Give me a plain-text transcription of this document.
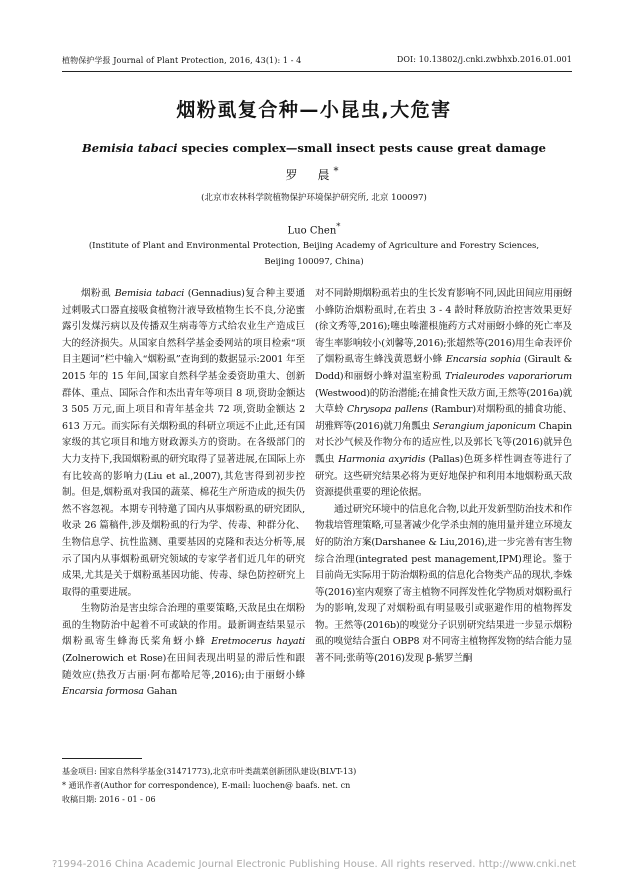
植物保护学报 Journal of Plant Protection, 2016, 43(1): 1 - 4	DOI: 10.13802/j.cnki.zwbhxb.2016.01.001
烟粉虱复合种—小昆虫,大危害
Bemisia tabaci species complex—small insect pests cause great damage
罗　晨*
(北京市农林科学院植物保护环境保护研究所, 北京 100097)
Luo Chen*
(Institute of Plant and Environmental Protection, Beijing Academy of Agriculture and Forestry Sciences,
Beijing 100097, China)

烟粉虱 Bemisia tabaci (Gennadius)复合种主要通过刺吸式口器直接吸食植物汁液导致植物生长不良,分泌蜜露引发煤污病以及传播双生病毒等方式给农业生产造成巨大的经济损失。从国家自然科学基金委网站的项目检索“项目主题词”栏中输入“烟粉虱”查询到的数据显示:2001 年至 2015 年的 15 年间,国家自然科学基金委资助重大、创新群体、重点、国际合作和杰出青年等项目 8 项,资助金额达 3 505 万元,面上项目和青年基金共 72 项,资助金额达 2 613 万元。而实际有关烟粉虱的科研立项远不止此,还有国家级的其它项目和地方财政源头方的资助。在各级部门的大力支持下,我国烟粉虱的研究取得了显著进展,在国际上亦有比较高的影响力(Liu et al.,2007),其危害得到初步控制。但是,烟粉虱对我国的蔬菜、棉花生产所造成的损失仍然不容忽视。本期专刊特邀了国内从事烟粉虱的研究团队,收录 26 篇稿件,涉及烟粉虱的行为学、传毒、种群分化、生物信息学、抗性监测、重要基因的克隆和表达分析等,展示了国内从事烟粉虱研究领域的专家学者们近几年的研究成果,尤其是关于烟粉虱基因功能、传毒、绿色防控研究上取得的重要进展。

生物防治是害虫综合治理的重要策略,天敌昆虫在烟粉虱的生物防治中起着不可或缺的作用。最新调查结果显示烟粉虱寄生蜂海氏桨角蚜小蜂 Eretmocerus hayati (Zolnerowich et Rose)在田间表现出明显的滞后性和跟随效应(热孜万古丽·阿布都哈尼等,2016);由于丽蚜小蜂 Encarsia formosa Gahan

对不同龄期烟粉虱若虫的生长发育影响不同,因此田间应用丽蚜小蜂防治烟粉虱时,在若虫 3 - 4 龄时释放防治控害效果更好(徐文秀等,2016);噻虫嗪灌根施药方式对丽蚜小蜂的死亡率及寄生率影响较小(刘馨等,2016);张超然等(2016)用生命表评价了烟粉虱寄生蜂浅黄恩蚜小蜂 Encarsia sophia (Girault & Dodd)和丽蚜小蜂对温室粉虱 Trialeurodes vaporariorum (Westwood)的防治潜能;在捕食性天敌方面,王然等(2016a)就大草蛉 Chrysopa pallens (Rambur)对烟粉虱的捕食功能、胡雅辉等(2016)就刀角瓢虫 Serangium japonicum Chapin 对长沙气候及作物分布的适应性,以及郭长飞等(2016)就异色瓢虫 Harmonia axyridis (Pallas)色斑多样性调查等进行了研究。这些研究结果必将为更好地保护和利用本地烟粉虱天敌资源提供重要的理论依据。

通过研究环境中的信息化合物,以此开发新型防治技术和作物栽培管理策略,可显著减少化学杀虫剂的施用量并建立环境友好的防治方案(Darshanee & Liu,2016),进一步完善有害生物综合治理(integrated pest management,IPM)理论。鉴于目前尚无实际用于防治烟粉虱的信息化合物类产品的现状,李姝等(2016)室内观察了寄主植物不同挥发性化学物质对烟粉虱行为的影响,发现了对烟粉虱有明显吸引或驱避作用的植物挥发物。王然等(2016b)的嗅觉分子识别研究结果进一步显示烟粉虱的嗅觉结合蛋白 OBP8 对不同寄主植物挥发物的结合能力显著不同;张萌等(2016)发现 β-紫罗兰酮

基金项目: 国家自然科学基金(31471773),北京市叶类蔬菜创新团队建设(BLVT-13)
* 通讯作者(Author for correspondence), E-mail: luochen@ baafs. net. cn
收稿日期: 2016 - 01 - 06
?1994-2016 China Academic Journal Electronic Publishing House. All rights reserved. http://www.cnki.net
